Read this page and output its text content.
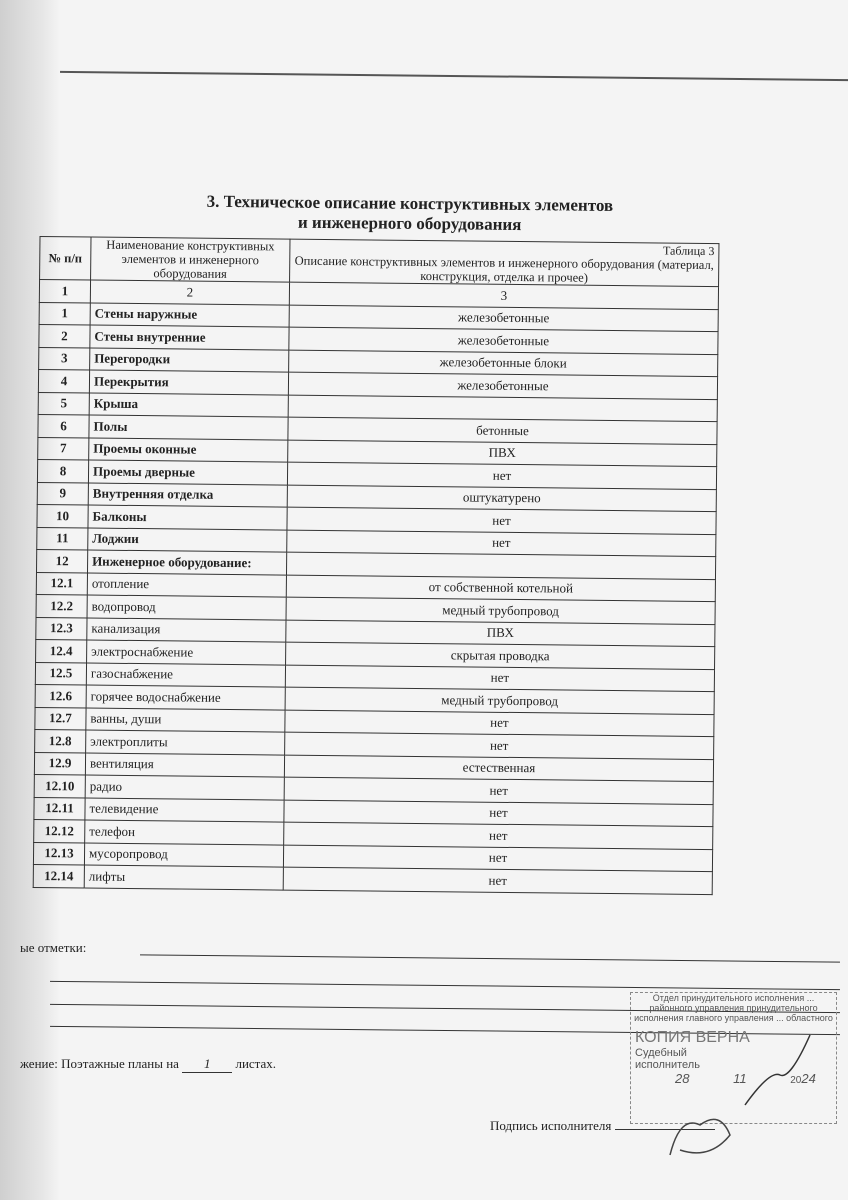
3. Техническое описание конструктивных элементов
и инженерного оборудования
№ п/п	Наименование конструктивных элементов и инженерного оборудования	Таблица 3
Описание конструктивных элементов и инженерного оборудования (материал, конструкция, отделка и прочее)

1	2	3
1	Стены наружные	железобетонные
2	Стены внутренние	железобетонные
3	Перегородки	железобетонные блоки
4	Перекрытия	железобетонные
5	Крыша	
6	Полы	бетонные
7	Проемы оконные	ПВХ
8	Проемы дверные	нет
9	Внутренняя отделка	оштукатурено
10	Балконы	нет
11	Лоджии	нет
12	Инженерное оборудование:	
12.1	отопление	от собственной котельной
12.2	водопровод	медный трубопровод
12.3	канализация	ПВХ
12.4	электроснабжение	скрытая проводка
12.5	газоснабжение	нет
12.6	горячее водоснабжение	медный трубопровод
12.7	ванны, души	нет
12.8	электроплиты	нет
12.9	вентиляция	естественная
12.10	радио	нет
12.11	телевидение	нет
12.12	телефон	нет
12.13	мусоропровод	нет
12.14	лифты	нет
ые отметки:
жение: Поэтажные планы на 1 листах.
Отдел принудительного исполнения ... районного управления принудительного исполнения главного управления ... областного
КОПИЯ ВЕРНА
Судебный
исполнитель
28	11	2024
Подпись исполнителя
